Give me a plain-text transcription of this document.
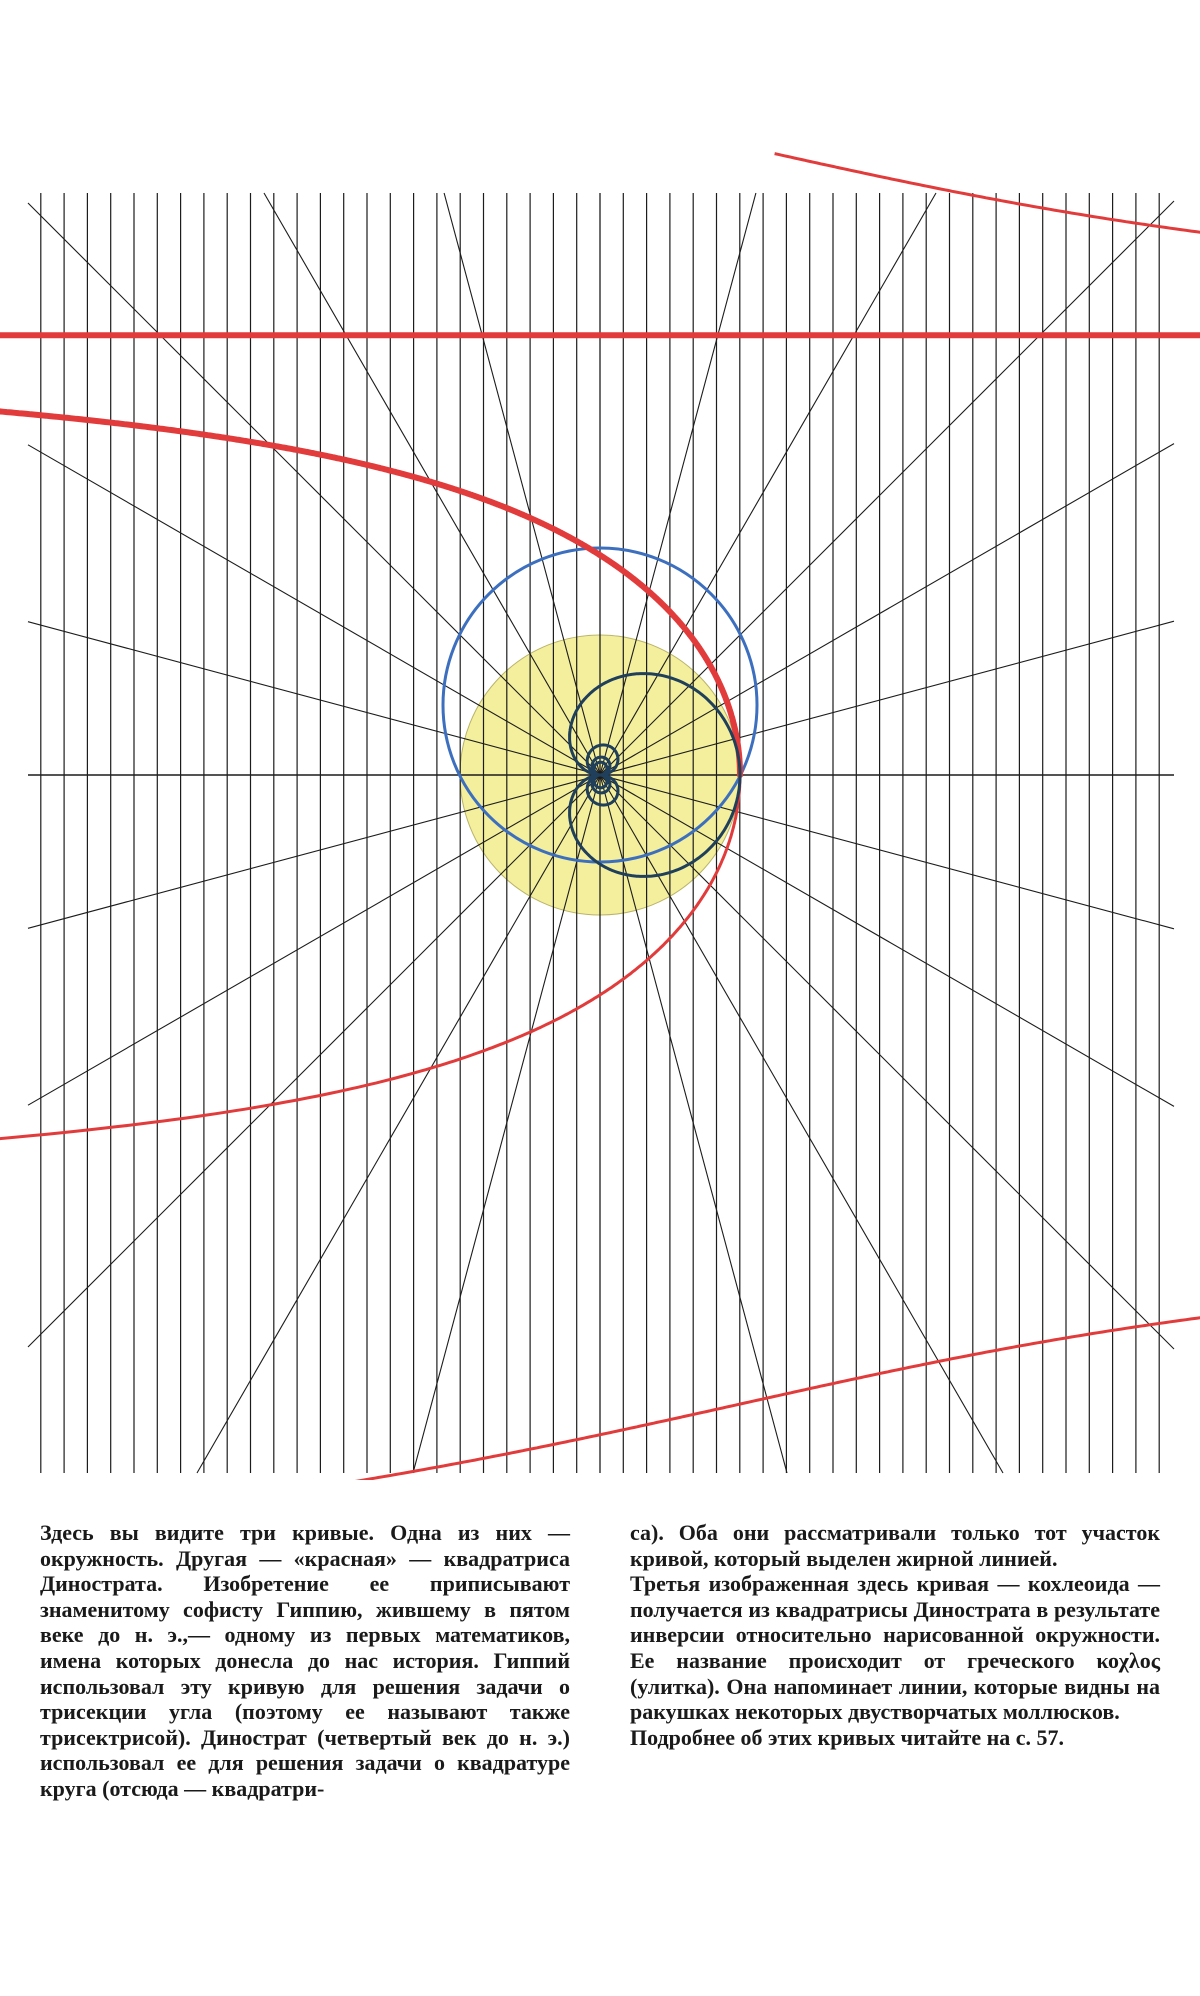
Здесь вы видите три кривые. Одна из них — окружность. Другая — «красная» — квадратриса Динострата. Изобретение ее приписывают знаменитому софисту Гиппию, жившему в пятом веке до н. э.,— одному из первых математиков, имена которых донесла до нас история. Гиппий использовал эту кривую для решения задачи о трисекции угла (поэтому ее называют также трисектрисой). Динострат (четвертый век до н. э.) использовал ее для решения задачи о квадратуре круга (отсюда — квадратри-

са). Оба они рассматривали только тот участок кривой, который выделен жирной линией.

Третья изображенная здесь кривая — кохлеоида — получается из квадратрисы Динострата в результате инверсии относительно нарисованной окружности. Ее название происходит от греческого κοχλος (улитка). Она напоминает линии, которые видны на ракушках некоторых двустворчатых моллюсков.

Подробнее об этих кривых читайте на с. 57.
